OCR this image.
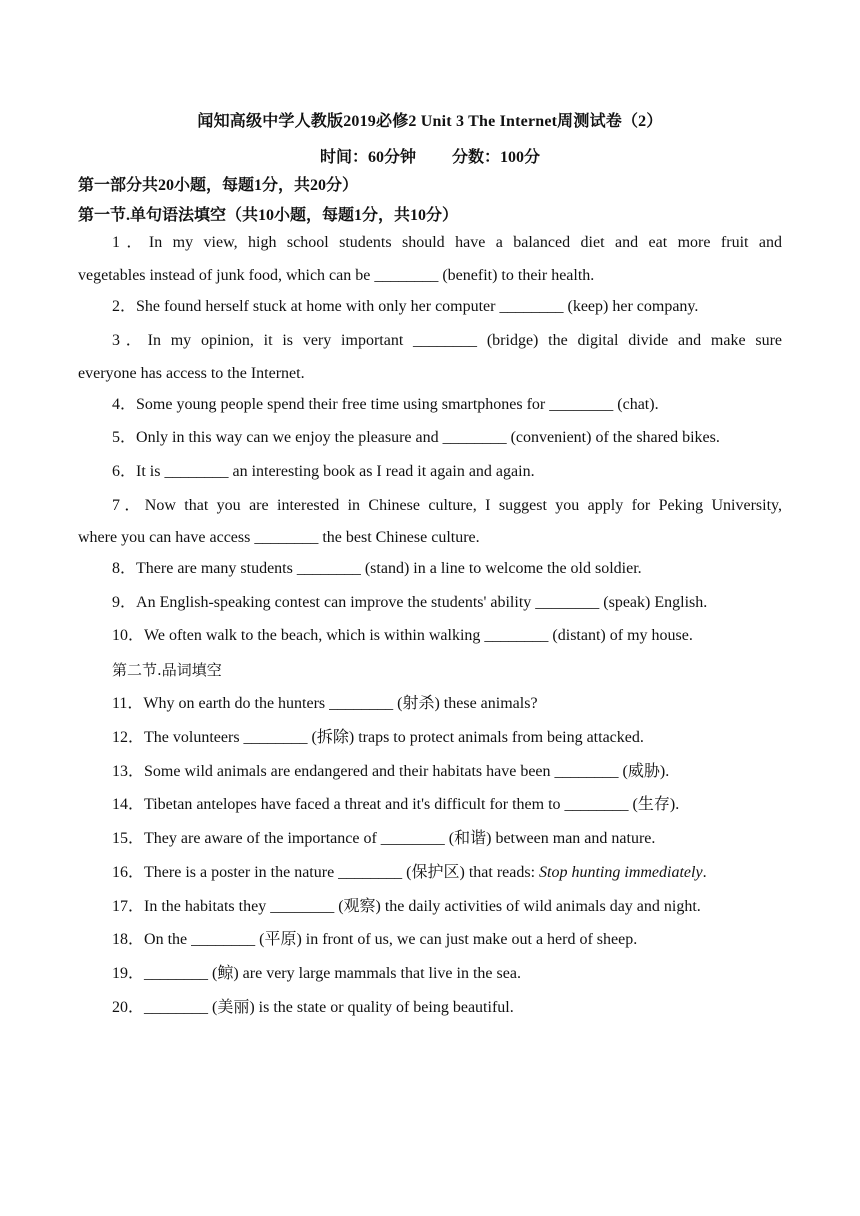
闻知高级中学人教版2019必修2 Unit 3 The Internet周测试卷（2）
时间：60分钟 分数：100分
第一部分共20小题，每题1分，共20分）
第一节.单句语法填空（共10小题，每题1分，共10分）
1．In my view, high school students should have a balanced diet and eat more fruit and
vegetables instead of junk food, which can be ________ (benefit) to their health.
2．She found herself stuck at home with only her computer ________ (keep) her company.
3．In my opinion, it is very important ________ (bridge) the digital divide and make sure
everyone has access to the Internet.
4．Some young people spend their free time using smartphones for ________ (chat).
5．Only in this way can we enjoy the pleasure and ________ (convenient) of the shared bikes.
6．It is ________ an interesting book as I read it again and again.
7．Now that you are interested in Chinese culture, I suggest you apply for Peking University,
where you can have access ________ the best Chinese culture.
8．There are many students ________ (stand) in a line to welcome the old soldier.
9．An English-speaking contest can improve the students' ability ________ (speak) English.
10．We often walk to the beach, which is within walking ________ (distant) of my house.
第二节.品词填空
11．Why on earth do the hunters ________ (射杀) these animals?
12．The volunteers ________ (拆除) traps to protect animals from being attacked.
13．Some wild animals are endangered and their habitats have been ________ (威胁).
14．Tibetan antelopes have faced a threat and it's difficult for them to ________ (生存).
15．They are aware of the importance of ________ (和谐) between man and nature.
16．There is a poster in the nature ________ (保护区) that reads: Stop hunting immediately.
17．In the habitats they ________ (观察) the daily activities of wild animals day and night.
18．On the ________ (平原) in front of us, we can just make out a herd of sheep.
19．________ (鲸) are very large mammals that live in the sea.
20．________ (美丽) is the state or quality of being beautiful.
